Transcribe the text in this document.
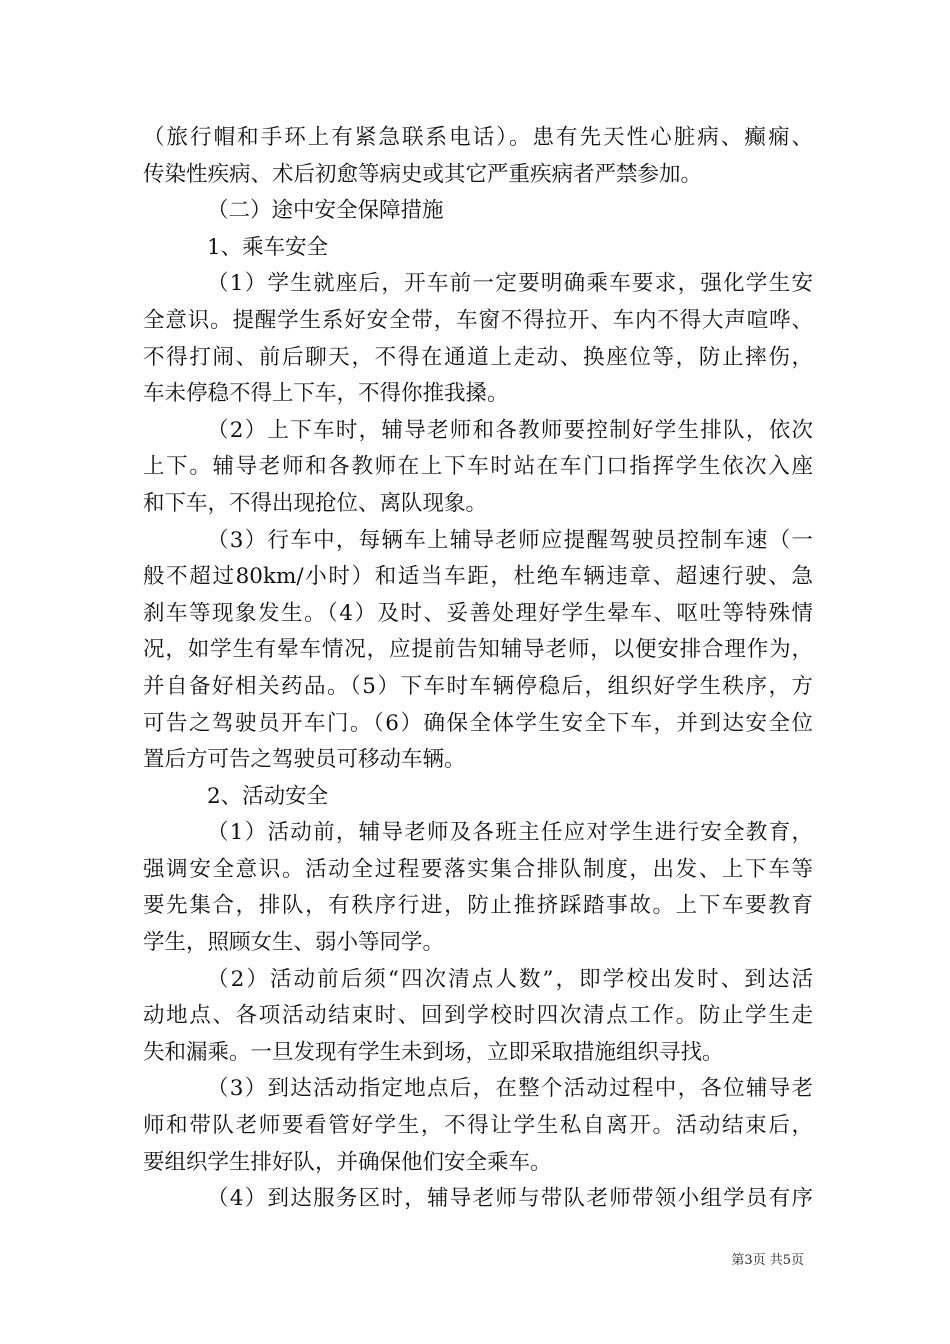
（旅行帽和手环上有紧急联系电话）。患有先天性心脏病、癫痫、
传染性疾病、术后初愈等病史或其它严重疾病者严禁参加。
（二）途中安全保障措施
1、乘车安全
（1）学生就座后，开车前一定要明确乘车要求，强化学生安
全意识。提醒学生系好安全带，车窗不得拉开、车内不得大声喧哗、
不得打闹、前后聊天，不得在通道上走动、换座位等，防止摔伤，
车未停稳不得上下车，不得你推我搡。
（2）上下车时，辅导老师和各教师要控制好学生排队，依次
上下。辅导老师和各教师在上下车时站在车门口指挥学生依次入座
和下车，不得出现抢位、离队现象。
（3）行车中，每辆车上辅导老师应提醒驾驶员控制车速（一
般不超过80km/小时）和适当车距，杜绝车辆违章、超速行驶、急
刹车等现象发生。（4）及时、妥善处理好学生晕车、呕吐等特殊情
况，如学生有晕车情况，应提前告知辅导老师，以便安排合理作为，
并自备好相关药品。（5）下车时车辆停稳后，组织好学生秩序，方
可告之驾驶员开车门。（6）确保全体学生安全下车，并到达安全位
置后方可告之驾驶员可移动车辆。
2、活动安全
（1）活动前，辅导老师及各班主任应对学生进行安全教育，
强调安全意识。活动全过程要落实集合排队制度，出发、上下车等
要先集合，排队，有秩序行进，防止推挤踩踏事故。上下车要教育
学生，照顾女生、弱小等同学。
（2）活动前后须“四次清点人数”，即学校出发时、到达活
动地点、各项活动结束时、回到学校时四次清点工作。防止学生走
失和漏乘。一旦发现有学生未到场，立即采取措施组织寻找。
（3）到达活动指定地点后，在整个活动过程中，各位辅导老
师和带队老师要看管好学生，不得让学生私自离开。活动结束后，
要组织学生排好队，并确保他们安全乘车。
（4）到达服务区时，辅导老师与带队老师带领小组学员有序
第3页 共5页
